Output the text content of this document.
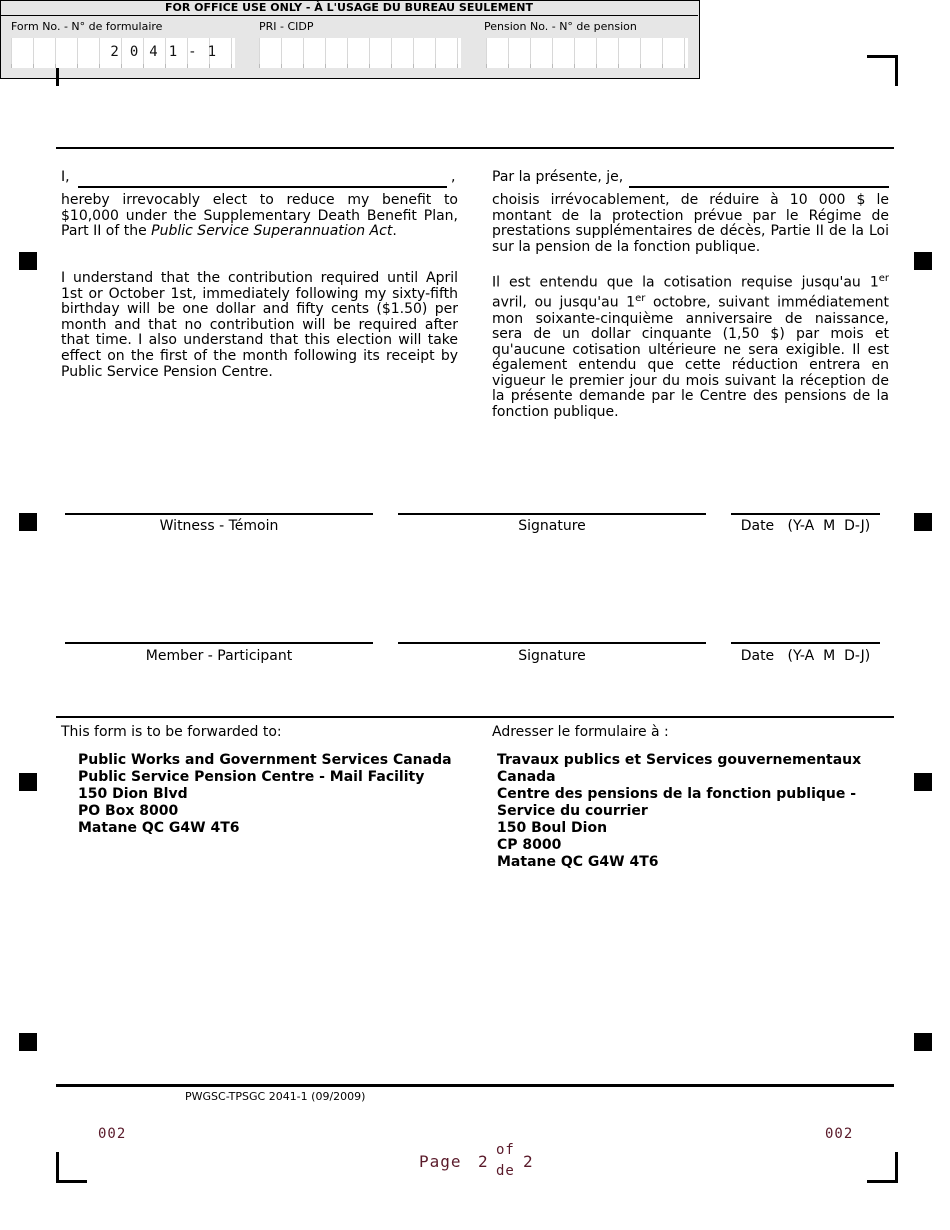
FOR OFFICE USE ONLY - À L'USAGE DU BUREAU SEULEMENT
Form No. - N° de formulaire	PRI - CIDP	Pension No. - N° de pension
2041-1
I,	,
hereby irrevocably elect to reduce my benefit to $10,000 under the Supplementary Death Benefit Plan, Part II of the Public Service Superannuation Act.
I understand that the contribution required until April 1st or October 1st, immediately following my sixty-fifth birthday will be one dollar and fifty cents ($1.50) per month and that no contribution will be required after that time. I also understand that this election will take effect on the first of the month following its receipt by Public Service Pension Centre.
Par la présente, je,
choisis irrévocablement, de réduire à 10 000 $ le montant de la protection prévue par le Régime de prestations supplémentaires de décès, Partie II de la Loi sur la pension de la fonction publique.
Il est entendu que la cotisation requise jusqu'au 1er avril, ou jusqu'au 1er octobre, suivant immédiatement mon soixante-cinquième anniversaire de naissance, sera de un dollar cinquante (1,50 $) par mois et qu'aucune cotisation ultérieure ne sera exigible. Il est également entendu que cette réduction entrera en vigueur le premier jour du mois suivant la réception de la présente demande par le Centre des pensions de la fonction publique.
Witness - Témoin	Signature	Date   (Y-A  M  D-J)
Member - Participant	Signature	Date   (Y-A  M  D-J)
This form is to be forwarded to:	Adresser le formulaire à :
Public Works and Government Services Canada
Public Service Pension Centre - Mail Facility
150 Dion Blvd
PO Box 8000
Matane QC G4W 4T6
Travaux publics et Services gouvernementaux
Canada
Centre des pensions de la fonction publique -
Service du courrier
150 Boul Dion
CP 8000
Matane QC G4W 4T6
PWGSC-TPSGC 2041-1 (09/2009)
002	002
Page 2
of
de 2
